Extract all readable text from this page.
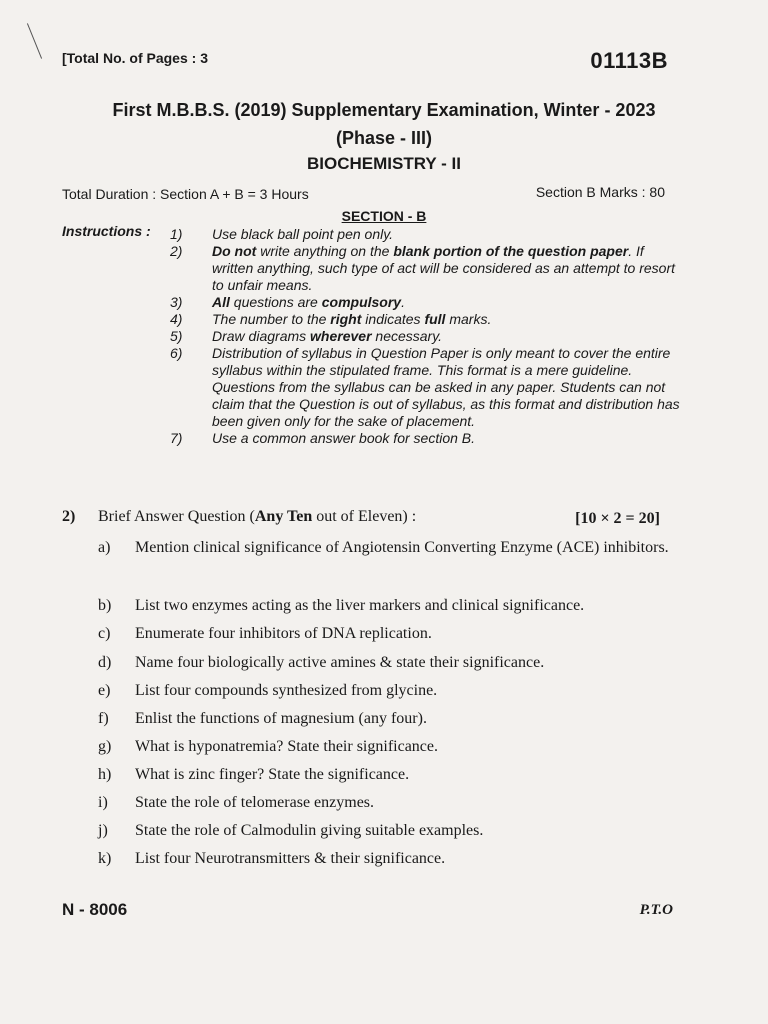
[Total No. of Pages : 3	01113B
First M.B.B.S. (2019) Supplementary Examination, Winter - 2023
(Phase - III)
BIOCHEMISTRY - II
Total Duration : Section A + B = 3 Hours	Section B Marks : 80
SECTION - B
Instructions : 1)	Use black ball point pen only.
2)	Do not write anything on the blank portion of the question paper. If written anything, such type of act will be considered as an attempt to resort to unfair means.
3)	All questions are compulsory.
4)	The number to the right indicates full marks.
5)	Draw diagrams wherever necessary.
6)	Distribution of syllabus in Question Paper is only meant to cover the entire syllabus within the stipulated frame. This format is a mere guideline. Questions from the syllabus can be asked in any paper. Students can not claim that the Question is out of syllabus, as this format and distribution has been given only for the sake of placement.
7)	Use a common answer book for section B.
2) Brief Answer Question (Any Ten out of Eleven) :	[10 × 2 = 20]
a)	Mention clinical significance of Angiotensin Converting Enzyme (ACE) inhibitors.
b)	List two enzymes acting as the liver markers and clinical significance.
c)	Enumerate four inhibitors of DNA replication.
d)	Name four biologically active amines & state their significance.
e)	List four compounds synthesized from glycine.
f)	Enlist the functions of magnesium (any four).
g)	What is hyponatremia? State their significance.
h)	What is zinc finger? State the significance.
i)	State the role of telomerase enzymes.
j)	State the role of Calmodulin giving suitable examples.
k)	List four Neurotransmitters & their significance.
N - 8006	P.T.O
